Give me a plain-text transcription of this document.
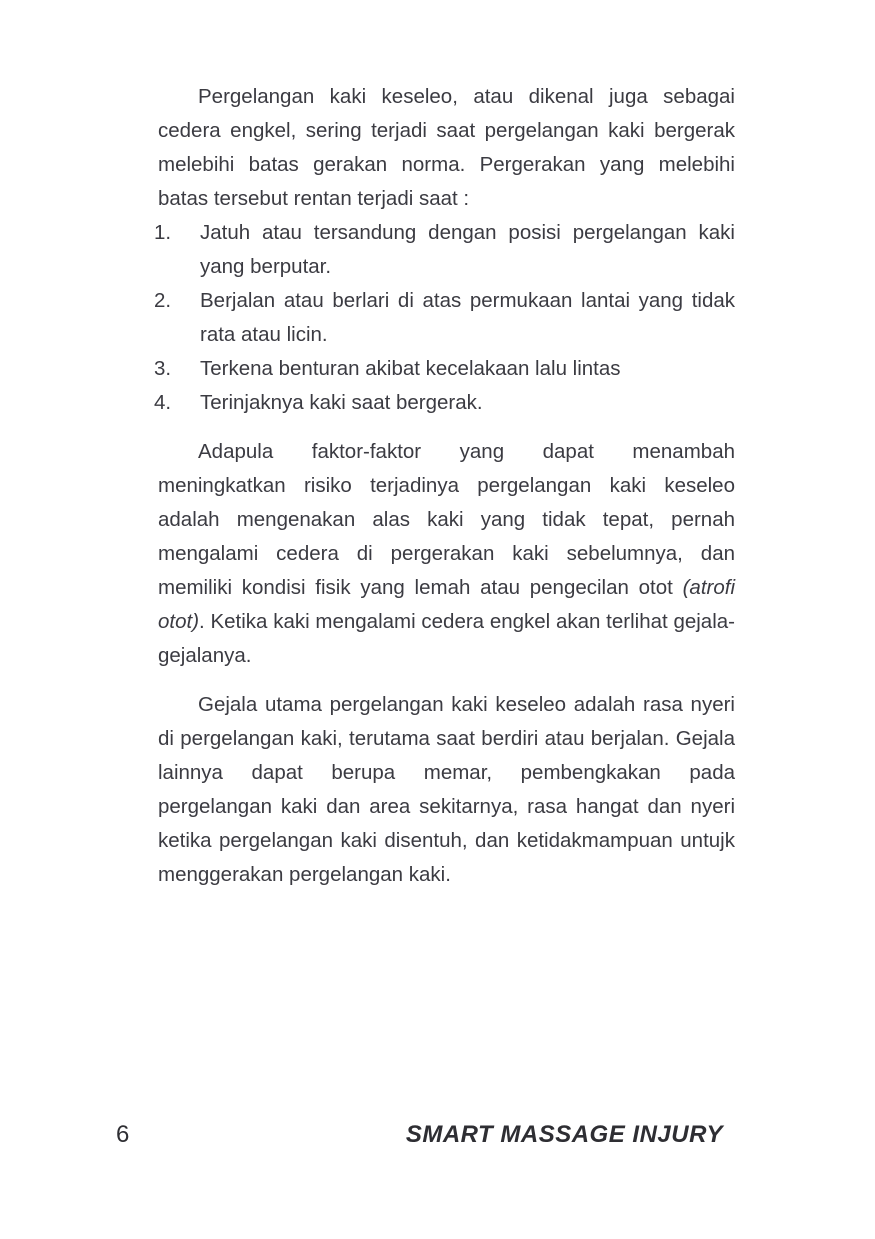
Pergelangan kaki keseleo, atau dikenal juga sebagai cedera engkel, sering terjadi saat pergelangan kaki bergerak melebihi batas gerakan norma. Pergerakan yang melebihi batas tersebut rentan terjadi saat :

1. Jatuh atau tersandung dengan posisi pergelangan kaki yang berputar.
2. Berjalan atau berlari di atas permukaan lantai yang tidak rata atau licin.
3. Terkena benturan akibat kecelakaan lalu lintas
4. Terinjaknya kaki saat bergerak.

Adapula faktor-faktor yang dapat menambah meningkatkan risiko terjadinya pergelangan kaki keseleo adalah mengenakan alas kaki yang tidak tepat, pernah mengalami cedera di pergerakan kaki sebelumnya, dan memiliki kondisi fisik yang lemah atau pengecilan otot (atrofi otot). Ketika kaki mengalami cedera engkel akan terlihat gejala-gejalanya.

Gejala utama pergelangan kaki keseleo adalah rasa nyeri di pergelangan kaki, terutama saat berdiri atau berjalan. Gejala lainnya dapat berupa memar, pembengkakan pada pergelangan kaki dan area sekitarnya, rasa hangat dan nyeri ketika pergelangan kaki disentuh, dan ketidakmampuan untujk menggerakan pergelangan kaki.

6	SMART MASSAGE INJURY
